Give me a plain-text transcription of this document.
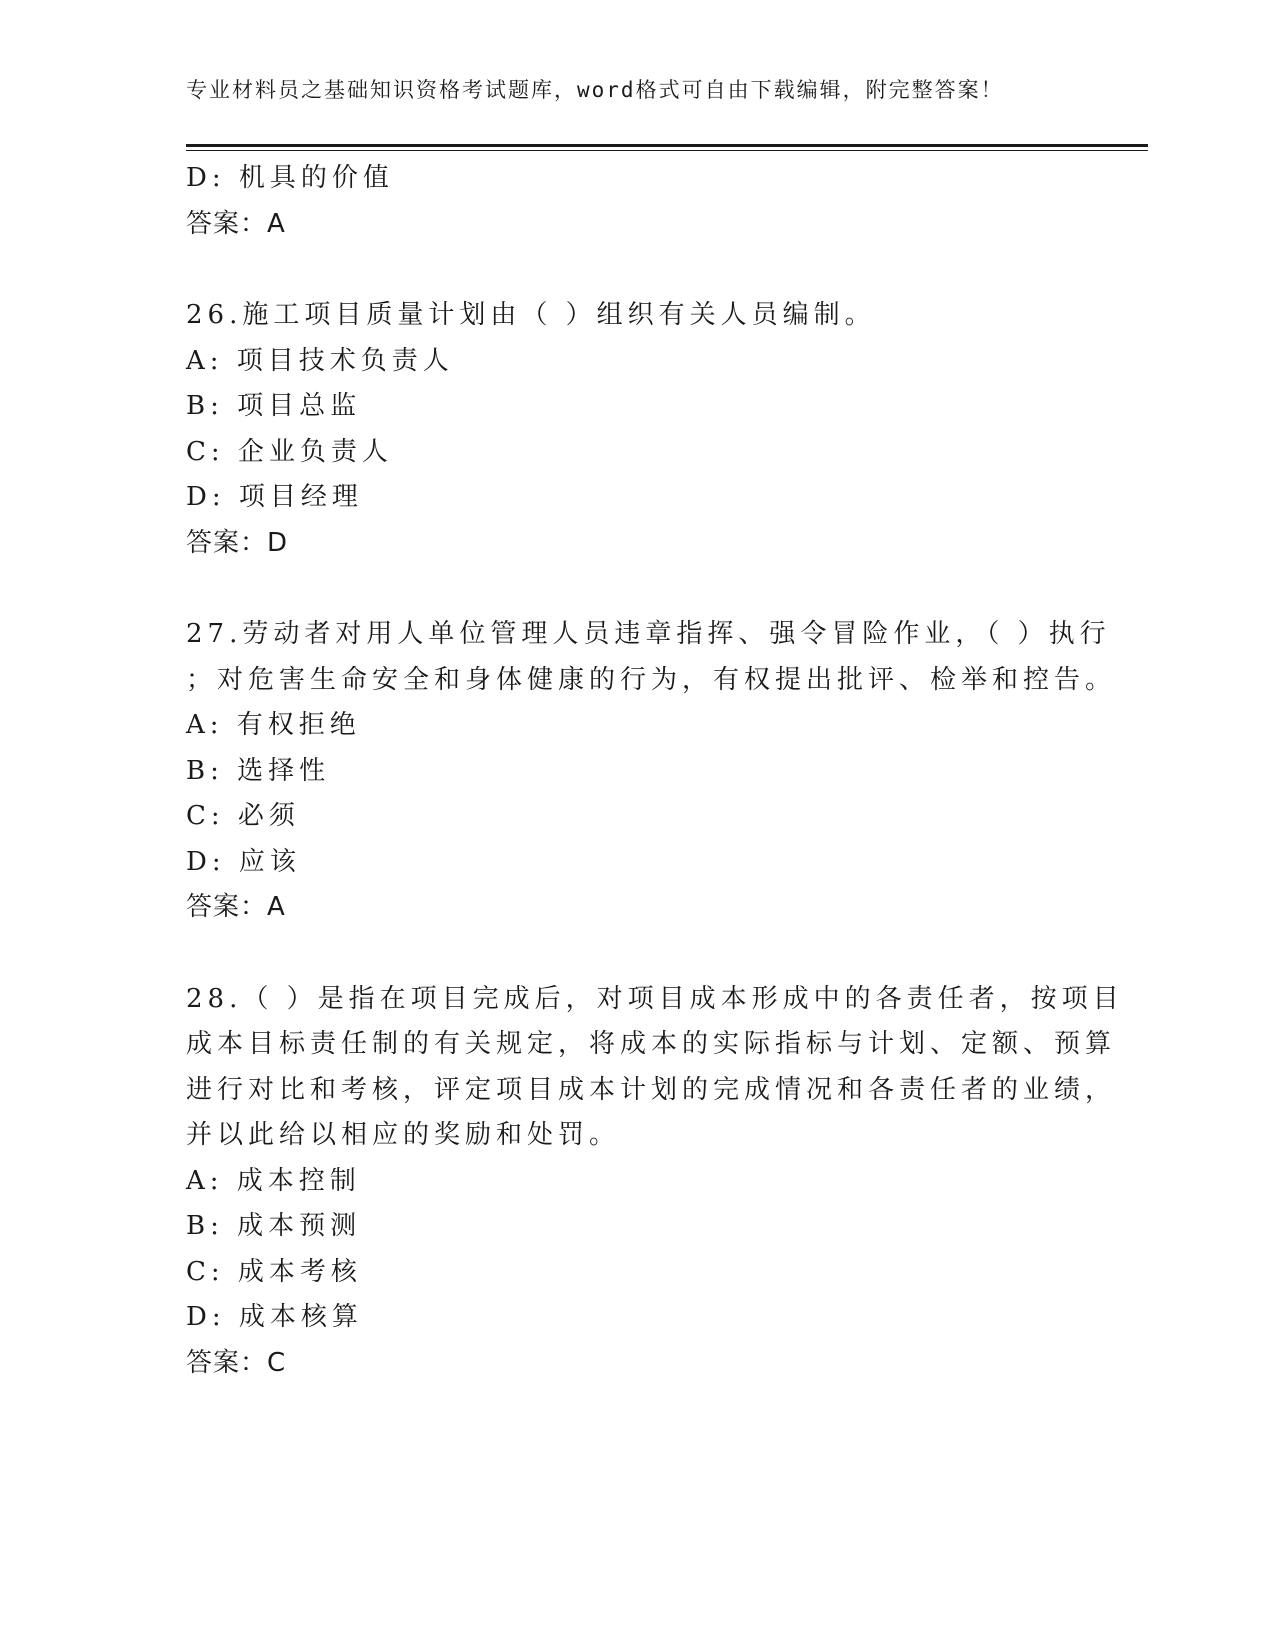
专业材料员之基础知识资格考试题库，word格式可自由下载编辑，附完整答案！
D: 机具的价值
答案：A
26.施工项目质量计划由（ ）组织有关人员编制。
A: 项目技术负责人
B: 项目总监
C: 企业负责人
D: 项目经理
答案：D
27.劳动者对用人单位管理人员违章指挥、强令冒险作业，（ ）执行
；对危害生命安全和身体健康的行为，有权提出批评、检举和控告。
A: 有权拒绝
B: 选择性
C: 必须
D: 应该
答案：A
28.（ ）是指在项目完成后，对项目成本形成中的各责任者，按项目
成本目标责任制的有关规定，将成本的实际指标与计划、定额、预算
进行对比和考核，评定项目成本计划的完成情况和各责任者的业绩，
并以此给以相应的奖励和处罚。
A: 成本控制
B: 成本预测
C: 成本考核
D: 成本核算
答案：C
